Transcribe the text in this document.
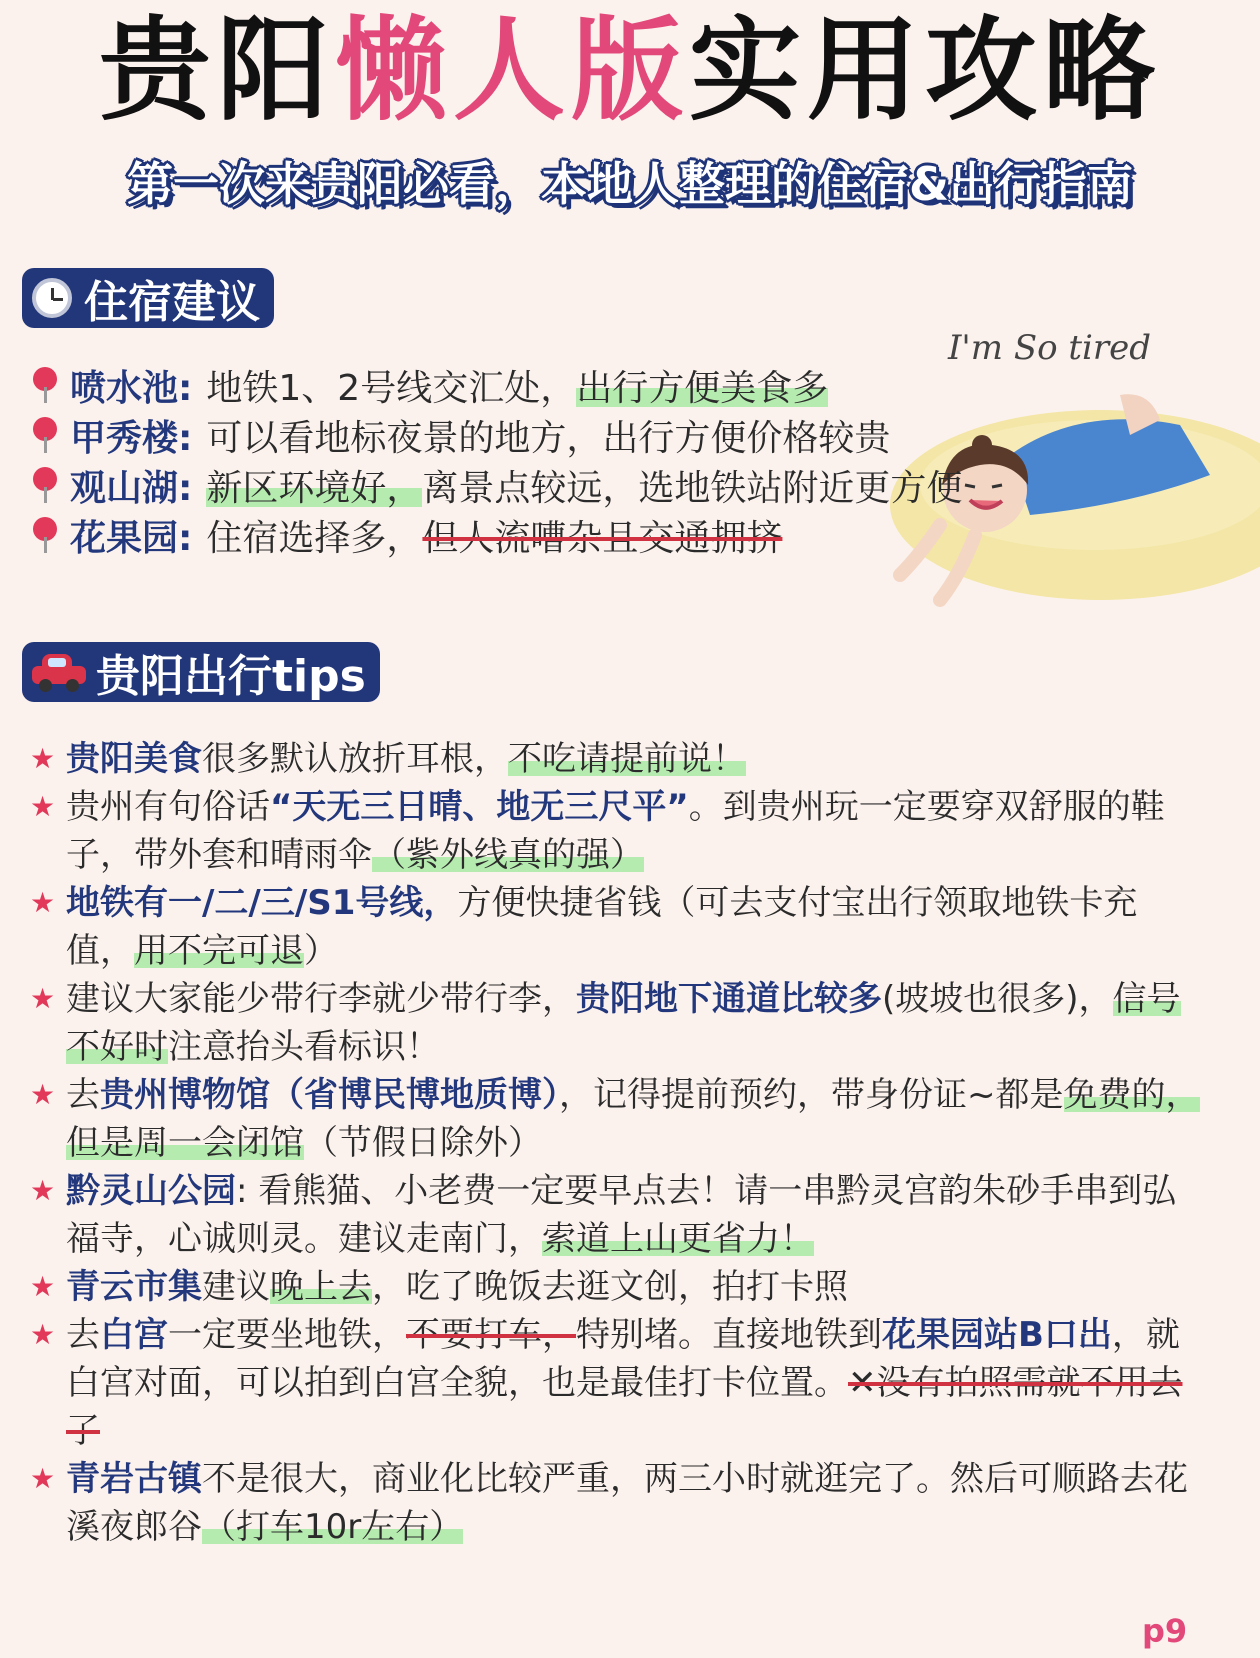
贵阳懒人版实用攻略
第一次来贵阳必看，本地人整理的住宿&出行指南
住宿建议
I'm So tired
喷水池: 地铁1、2号线交汇处， 出行方便美食多
甲秀楼: 可以看地标夜景的地方，出行方便价格较贵
观山湖: 新区环境好， 离景点较远，选地铁站附近更方便
花果园: 住宿选择多， 但人流嘈杂且交通拥挤
贵阳出行tips
★ 贵阳美食很多默认放折耳根，不吃请提前说！
★ 贵州有句俗话“天无三日晴、地无三尺平”。到贵州玩一定要穿双舒服的鞋子，带外套和晴雨伞（紫外线真的强）
★ 地铁有一/二/三/S1号线，方便快捷省钱（可去支付宝出行领取地铁卡充值，用不完可退）
★ 建议大家能少带行李就少带行李，贵阳地下通道比较多(坡坡也很多)，信号不好时注意抬头看标识！
★ 去贵州博物馆（省博民博地质博），记得提前预约，带身份证~都是免费的，但是周一会闭馆（节假日除外）
★ 黔灵山公园: 看熊猫、小老费一定要早点去！请一串黔灵宫韵朱砂手串到弘福寺，心诚则灵。建议走南门，索道上山更省力！
★ 青云市集建议晚上去，吃了晚饭去逛文创，拍打卡照
★ 去白宫一定要坐地铁，不要打车，特别堵。直接地铁到花果园站B口出，就白宫对面，可以拍到白宫全貌，也是最佳打卡位置。✕没有拍照需就不用去了
★ 青岩古镇不是很大，商业化比较严重，两三小时就逛完了。然后可顺路去花溪夜郎谷（打车10r左右）
p9
